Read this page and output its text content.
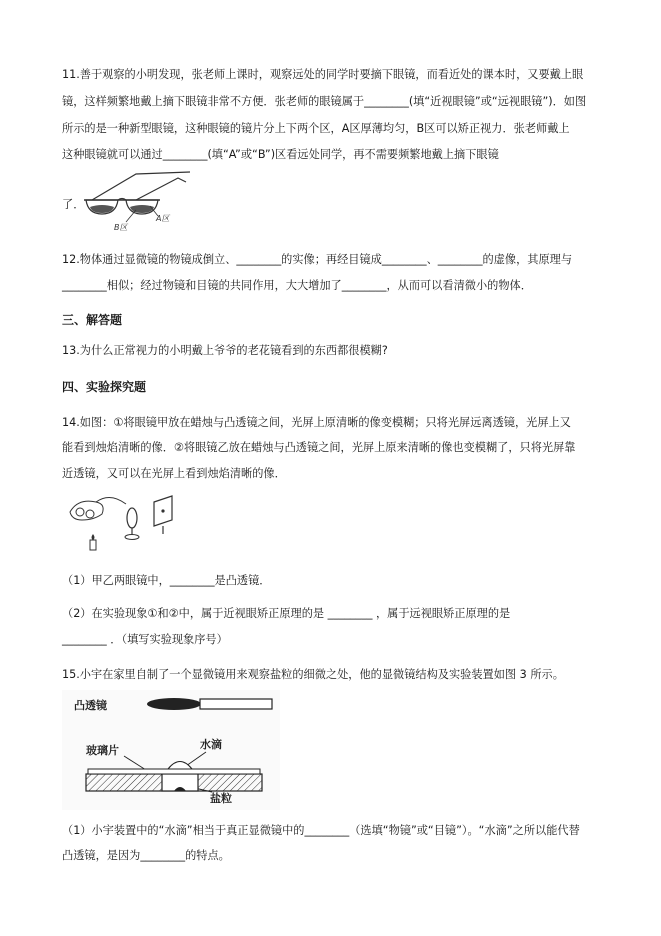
11.善于观察的小明发现，张老师上课时，观察远处的同学时要摘下眼镜，而看近处的课本时，又要戴上眼
镜，这样频繁地戴上摘下眼镜非常不方便．张老师的眼镜属于________(填“近视眼镜”或“远视眼镜”)．如图
所示的是一种新型眼镜，这种眼镜的镜片分上下两个区，A区厚薄均匀，B区可以矫正视力．张老师戴上
这种眼镜就可以通过________(填“A”或“B”)区看远处同学，再不需要频繁地戴上摘下眼镜
了．
B区
A区
12.物体通过显微镜的物镜成倒立、________的实像；再经目镜成________、________的虚像，其原理与
________相似；经过物镜和目镜的共同作用，大大增加了________，从而可以看清微小的物体．
三、解答题
13.为什么正常视力的小明戴上爷爷的老花镜看到的东西都很模糊?
四、实验探究题
14.如图：①将眼镜甲放在蜡烛与凸透镜之间，光屏上原清晰的像变模糊；只将光屏远离透镜，光屏上又
能看到烛焰清晰的像．②将眼镜乙放在蜡烛与凸透镜之间，光屏上原来清晰的像也变模糊了，只将光屏靠
近透镜，又可以在光屏上看到烛焰清晰的像．
（1）甲乙两眼镜中，________是凸透镜．
（2）在实验现象①和②中，属于近视眼矫正原理的是 ________ ，属于远视眼矫正原理的是
________ ．（填写实验现象序号）
15.小宇在家里自制了一个显微镜用来观察盐粒的细微之处，他的显微镜结构及实验装置如图 3 所示。
凸透镜
玻璃片	水滴
盐粒
（1）小宇装置中的“水滴”相当于真正显微镜中的________（选填“物镜”或“目镜”）。“水滴”之所以能代替
凸透镜，是因为________的特点。
